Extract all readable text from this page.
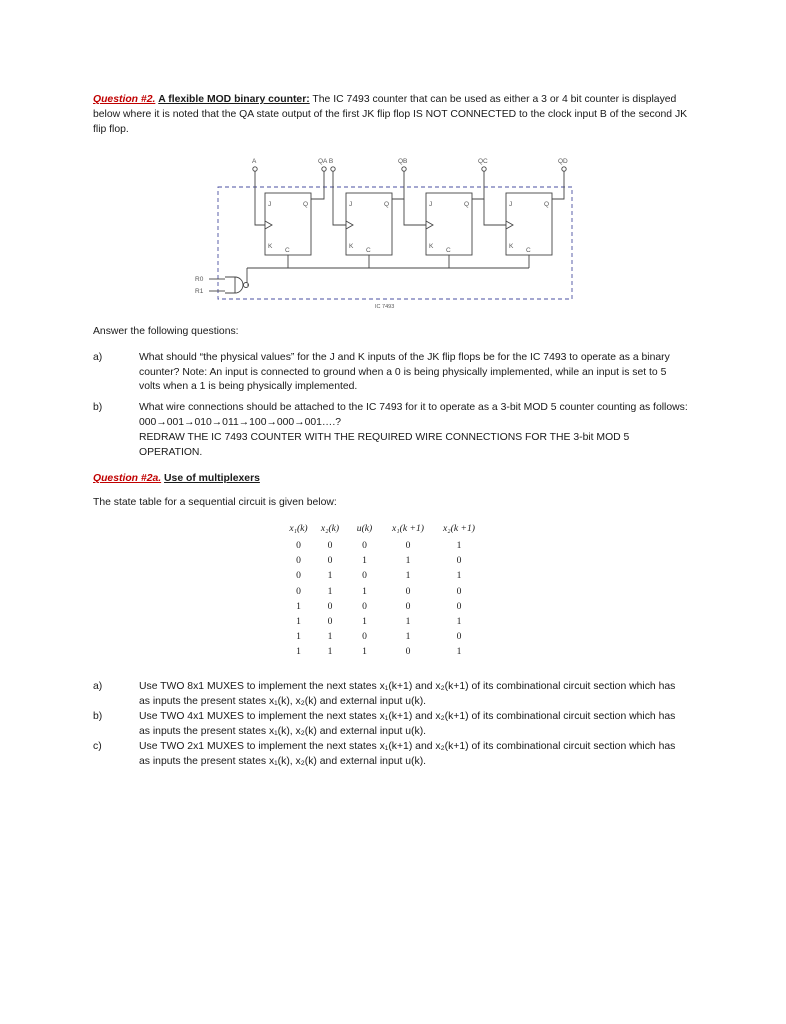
Question #2. A flexible MOD binary counter: The IC 7493 counter that can be used as either a 3 or 4 bit counter is displayed below where it is noted that the QA state output of the first JK flip flop IS NOT CONNECTED to the clock input B of the second JK flip flop.
A	QA B	QB	QC	QD
J	Q
K
C
J	Q
K
C
J	Q
K
C
J	Q
K
C
R0
R1
IC 7493
Answer the following questions:
a)	What should “the physical values” for the J and K inputs of the JK flip flops be for the IC 7493 to operate as a binary counter? Note: An input is connected to ground when a 0 is being physically implemented, while an input is set to 5 volts when a 1 is being physically implemented.
b)	What wire connections should be attached to the IC 7493 for it to operate as a 3-bit MOD 5 counter counting as follows: 000→001→010→011→100→000→001….?
REDRAW THE IC 7493 COUNTER WITH THE REQUIRED WIRE CONNECTIONS FOR THE 3-bit MOD 5 OPERATION.
Question #2a. Use of multiplexers
The state table for a sequential circuit is given below:
x₁(k)	x₂(k)	u(k)	x₁(k +1)	x₂(k +1)
0	0	0	0	1
0	0	1	1	0
0	1	0	1	1
0	1	1	0	0
1	0	0	0	0
1	0	1	1	1
1	1	0	1	0
1	1	1	0	1
a)	Use TWO 8x1 MUXES to implement the next states x₁(k+1) and x₂(k+1) of its combinational circuit section which has as inputs the present states x₁(k), x₂(k) and external input u(k).
b)	Use TWO 4x1 MUXES to implement the next states x₁(k+1) and x₂(k+1) of its combinational circuit section which has as inputs the present states x₁(k), x₂(k) and external input u(k).
c)	Use TWO 2x1 MUXES to implement the next states x₁(k+1) and x₂(k+1) of its combinational circuit section which has as inputs the present states x₁(k), x₂(k) and external input u(k).
